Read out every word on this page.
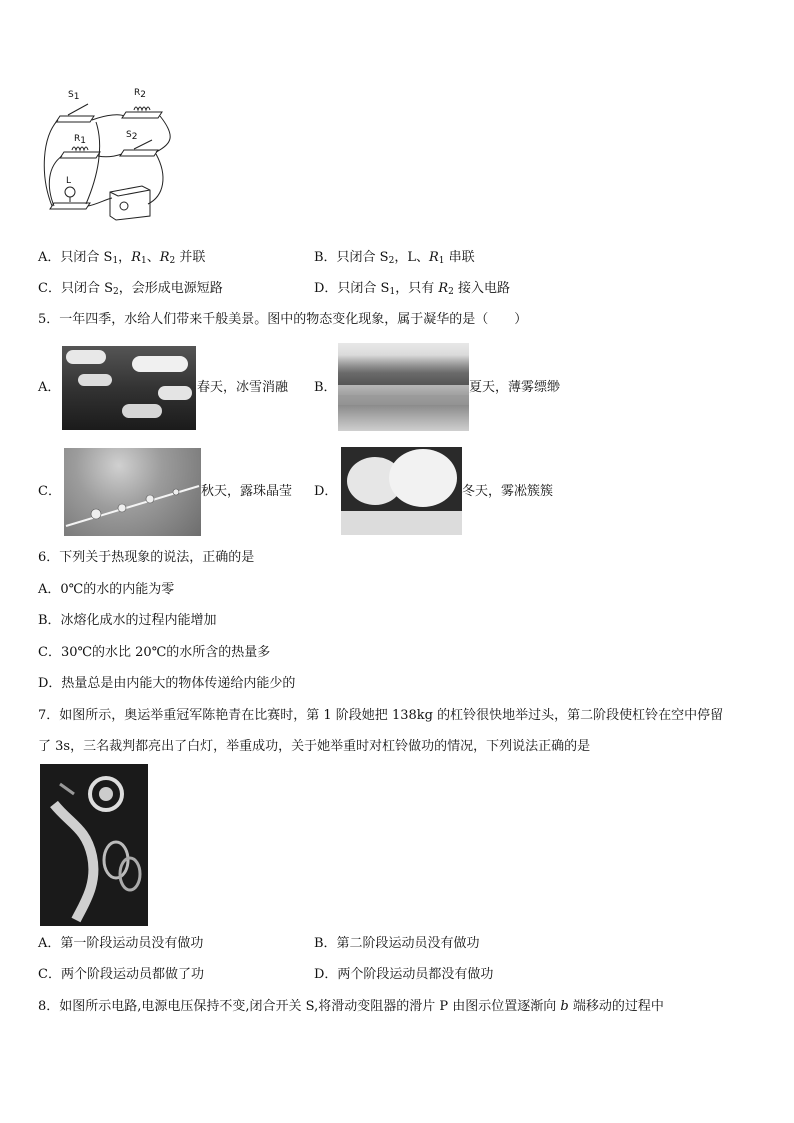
$S_1$	$R_2$
$R_1$
$S_2$
L
A．只闭合 $S_1$，$R_1$、$R_2$ 并联	B．只闭合 $S_2$，L、$R_1$ 串联
C．只闭合 $S_2$，会形成电源短路	D．只闭合 $S_1$，只有 $R_2$ 接入电路
5．一年四季，水给人们带来千般美景。图中的物态变化现象，属于凝华的是（　　）
A．	春天，冰雪消融 B．	夏天，薄雾缥缈
C．	秋天，露珠晶莹 D．	冬天，雾凇簇簇
6．下列关于热现象的说法，正确的是
A．0℃的水的内能为零
B．冰熔化成水的过程内能增加
C．30℃的水比 20℃的水所含的热量多
D．热量总是由内能大的物体传递给内能少的
7．如图所示，奥运举重冠军陈艳青在比赛时，第 1 阶段她把 138kg 的杠铃很快地举过头，第二阶段使杠铃在空中停留
了 3s，三名裁判都亮出了白灯，举重成功，关于她举重时对杠铃做功的情况，下列说法正确的是
A．第一阶段运动员没有做功	B．第二阶段运动员没有做功
C．两个阶段运动员都做了功	D．两个阶段运动员都没有做功
8．如图所示电路,电源电压保持不变,闭合开关 S,将滑动变阻器的滑片 P 由图示位置逐渐向 b 端移动的过程中
